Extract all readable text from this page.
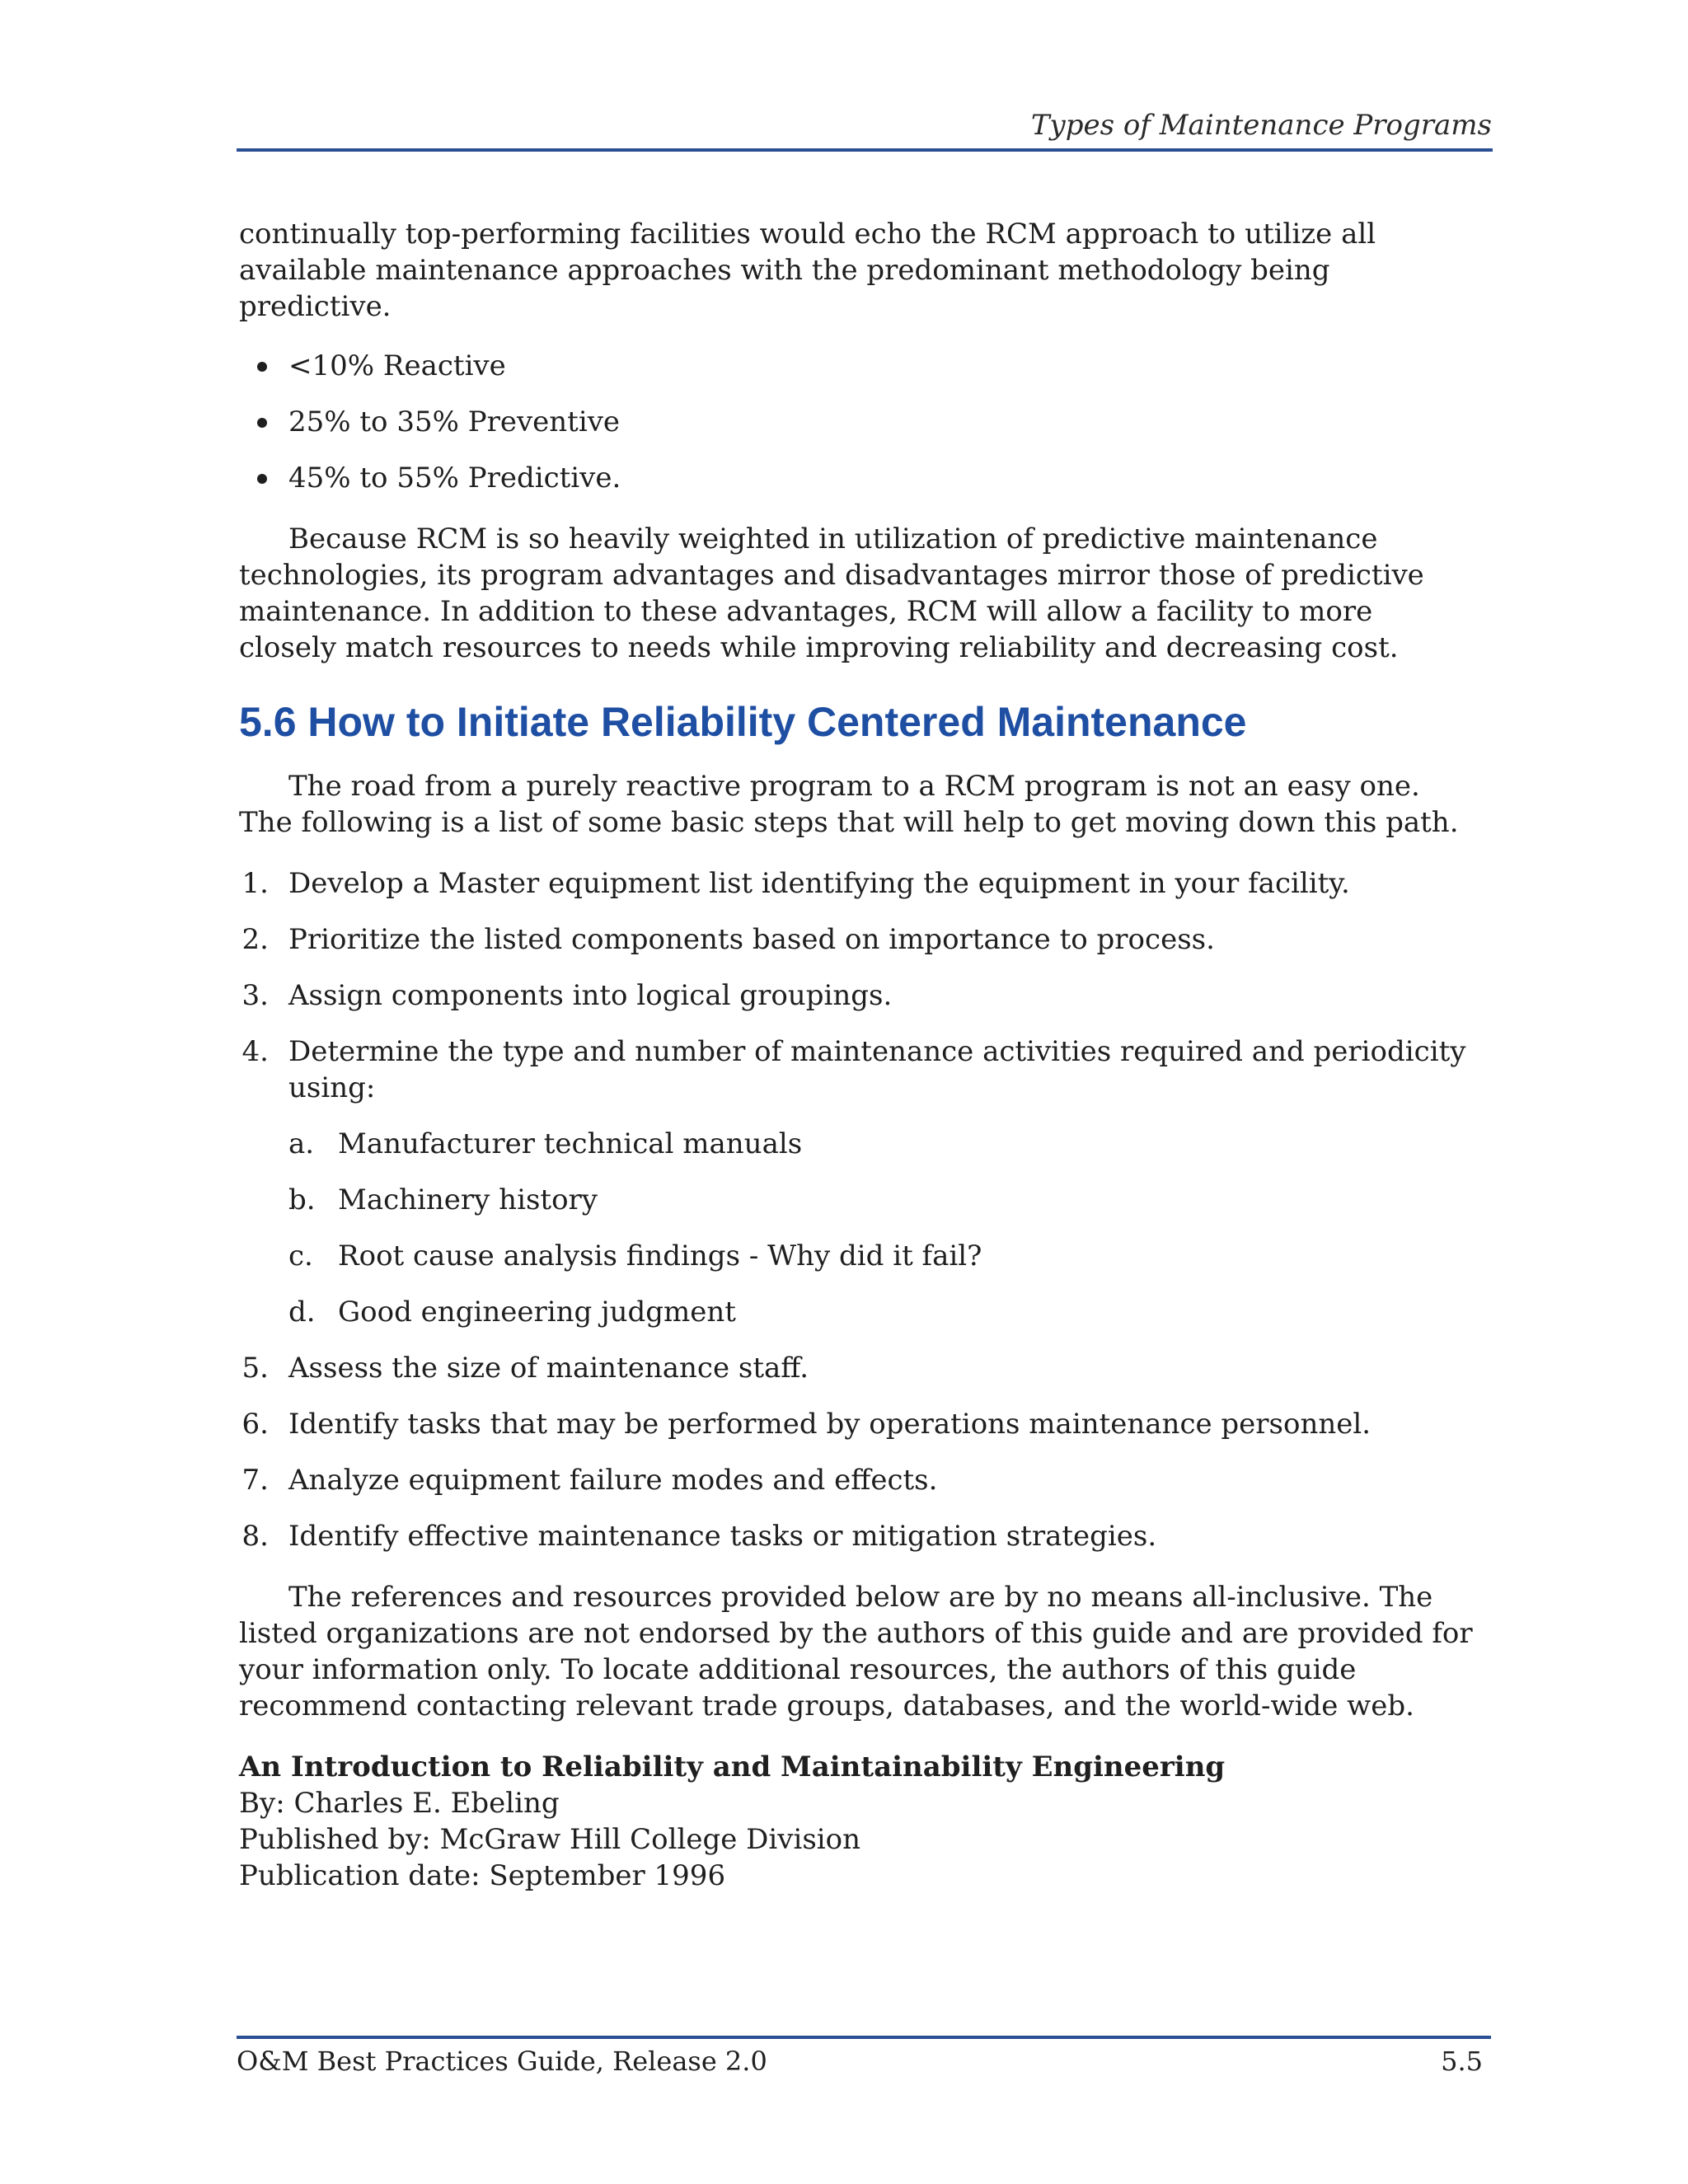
Types of Maintenance Programs

continually top-performing facilities would echo the RCM approach to utilize all available maintenance approaches with the predominant methodology being predictive.

<10% Reactive
25% to 35% Preventive
45% to 55% Predictive.

Because RCM is so heavily weighted in utilization of predictive maintenance technologies, its program advantages and disadvantages mirror those of predictive maintenance. In addition to these advantages, RCM will allow a facility to more closely match resources to needs while improving reliability and decreasing cost.

5.6 How to Initiate Reliability Centered Maintenance

The road from a purely reactive program to a RCM program is not an easy one. The following is a list of some basic steps that will help to get moving down this path.

1. Develop a Master equipment list identifying the equipment in your facility.
2. Prioritize the listed components based on importance to process.
3. Assign components into logical groupings.
4. Determine the type and number of maintenance activities required and periodicity using:
a. Manufacturer technical manuals
b. Machinery history
c. Root cause analysis findings - Why did it fail?
d. Good engineering judgment
5. Assess the size of maintenance staff.
6. Identify tasks that may be performed by operations maintenance personnel.
7. Analyze equipment failure modes and effects.
8. Identify effective maintenance tasks or mitigation strategies.

The references and resources provided below are by no means all-inclusive. The listed organizations are not endorsed by the authors of this guide and are provided for your information only. To locate additional resources, the authors of this guide recommend contacting relevant trade groups, databases, and the world-wide web.

An Introduction to Reliability and Maintainability Engineering

By: Charles E. Ebeling

Published by: McGraw Hill College Division

Publication date: September 1996

O&M Best Practices Guide, Release 2.0	5.5
